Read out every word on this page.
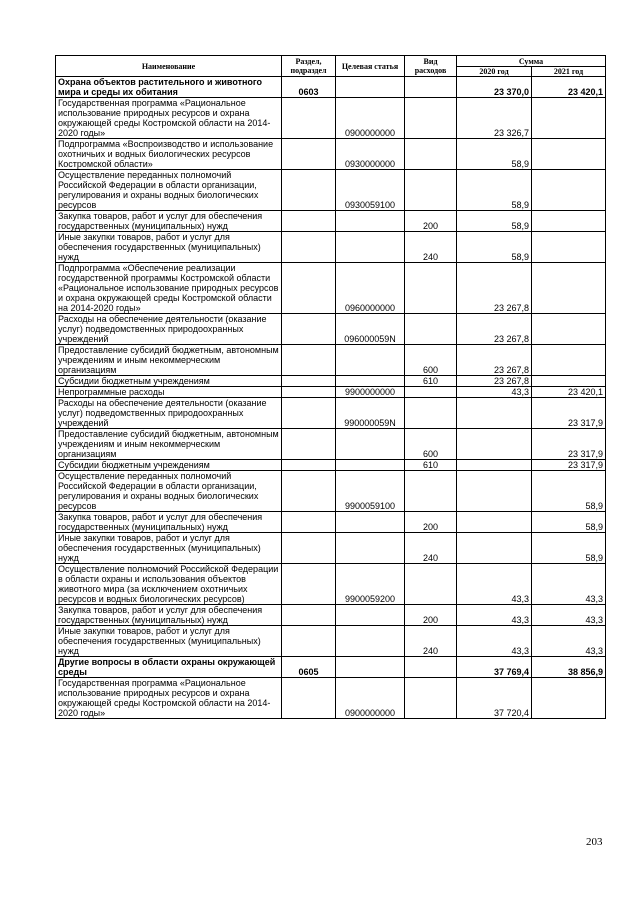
Наименование	Раздел, подраздел	Целевая статья	Вид расходов	Сумма	
				2020 год	2021 год
Охрана объектов растительного и животного мира и среды их обитания	0603			23 370,0	23 420,1
Государственная программа «Рациональное использование природных ресурсов и охрана окружающей среды Костромской области на 2014-2020 годы»		0900000000		23 326,7	
Подпрограмма «Воспроизводство и использование охотничьих и водных биологических ресурсов Костромской области»		0930000000		58,9	
Осуществление переданных полномочий Российской Федерации в области организации, регулирования и охраны водных биологических ресурсов		0930059100		58,9	
Закупка товаров, работ и услуг для обеспечения государственных (муниципальных) нужд			200	58,9	
Иные закупки товаров, работ и услуг для обеспечения государственных (муниципальных) нужд			240	58,9	
Подпрограмма «Обеспечение реализации государственной программы Костромской области «Рациональное использование природных ресурсов и охрана окружающей среды Костромской области на 2014-2020 годы»		0960000000		23 267,8	
Расходы на обеспечение деятельности (оказание услуг) подведомственных природоохранных учреждений		096000059N		23 267,8	
Предоставление субсидий бюджетным, автономным учреждениям и иным некоммерческим организациям			600	23 267,8	
Субсидии бюджетным учреждениям			610	23 267,8	
Непрограммные расходы		9900000000		43,3	23 420,1
Расходы на обеспечение деятельности (оказание услуг) подведомственных природоохранных учреждений		990000059N			23 317,9
Предоставление субсидий бюджетным, автономным учреждениям и иным некоммерческим организациям			600		23 317,9
Субсидии бюджетным учреждениям			610		23 317,9
Осуществление переданных полномочий Российской Федерации в области организации, регулирования и охраны водных биологических ресурсов		9900059100			58,9
Закупка товаров, работ и услуг для обеспечения государственных (муниципальных) нужд			200		58,9
Иные закупки товаров, работ и услуг для обеспечения государственных (муниципальных) нужд			240		58,9
Осуществление полномочий Российской Федерации в области охраны и использования объектов животного мира (за исключением охотничьих ресурсов и водных биологических ресурсов)		9900059200		43,3	43,3
Закупка товаров, работ и услуг для обеспечения государственных (муниципальных) нужд			200	43,3	43,3
Иные закупки товаров, работ и услуг для обеспечения государственных (муниципальных) нужд			240	43,3	43,3
Другие вопросы в области охраны окружающей среды	0605			37 769,4	38 856,9
Государственная программа «Рациональное использование природных ресурсов и охрана окружающей среды Костромской области на 2014-2020 годы»		0900000000		37 720,4	
203
